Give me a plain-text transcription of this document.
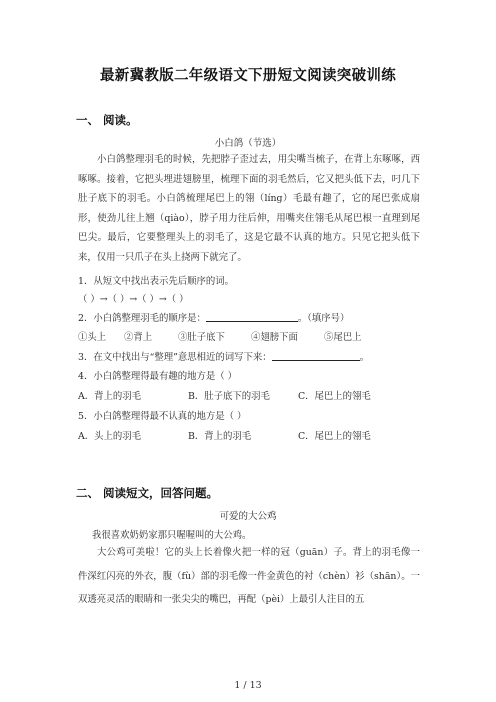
最新冀教版二年级语文下册短文阅读突破训练
一、 阅读。
小白鸽（节选）

小白鸽整理羽毛的时候，先把脖子歪过去，用尖嘴当梳子，在背上东啄啄，西啄啄。接着，它把头埋进翅膀里，梳理下面的羽毛然后，它又把头低下去，叼几下肚子底下的羽毛。小白鸽梳理尾巴上的翎（líng）毛最有趣了，它的尾巴张成扇形，使劲儿往上翘（qiào），脖子用力往后伸，用嘴夹住翎毛从尾巴根一直理到尾巴尖。最后，它要整理头上的羽毛了，这是它最不认真的地方。只见它把头低下来，仅用一只爪子在头上挠两下就完了。

1．从短文中找出表示先后顺序的词。
（ ）→（ ）→（ ）→（ ）
2．小白鸽整理羽毛的顺序是：	。（填序号）
①头上 ②背上	③肚子底下	④翅膀下面	⑤尾巴上
3．在文中找出与“整理”意思相近的词写下来：	。
4．小白鸽整理得最有趣的地方是（ ）
A．背上的羽毛	B．肚子底下的羽毛	C．尾巴上的翎毛
5．小白鸽整理得最不认真的地方是（ ）
A．头上的羽毛	B．背上的羽毛	C．尾巴上的翎毛
二、 阅读短文，回答问题。
可爱的大公鸡
我很喜欢奶奶家那只喔喔叫的大公鸡。

大公鸡可美啦！它的头上长着像火把一样的冠（guān）子。背上的羽毛像一件深红闪亮的外衣，腹（fù）部的羽毛像一件金黄色的衬（chèn）衫（shān）。一双透亮灵活的眼睛和一张尖尖的嘴巴，再配（pèi）上最引人注目的五

1 / 13
